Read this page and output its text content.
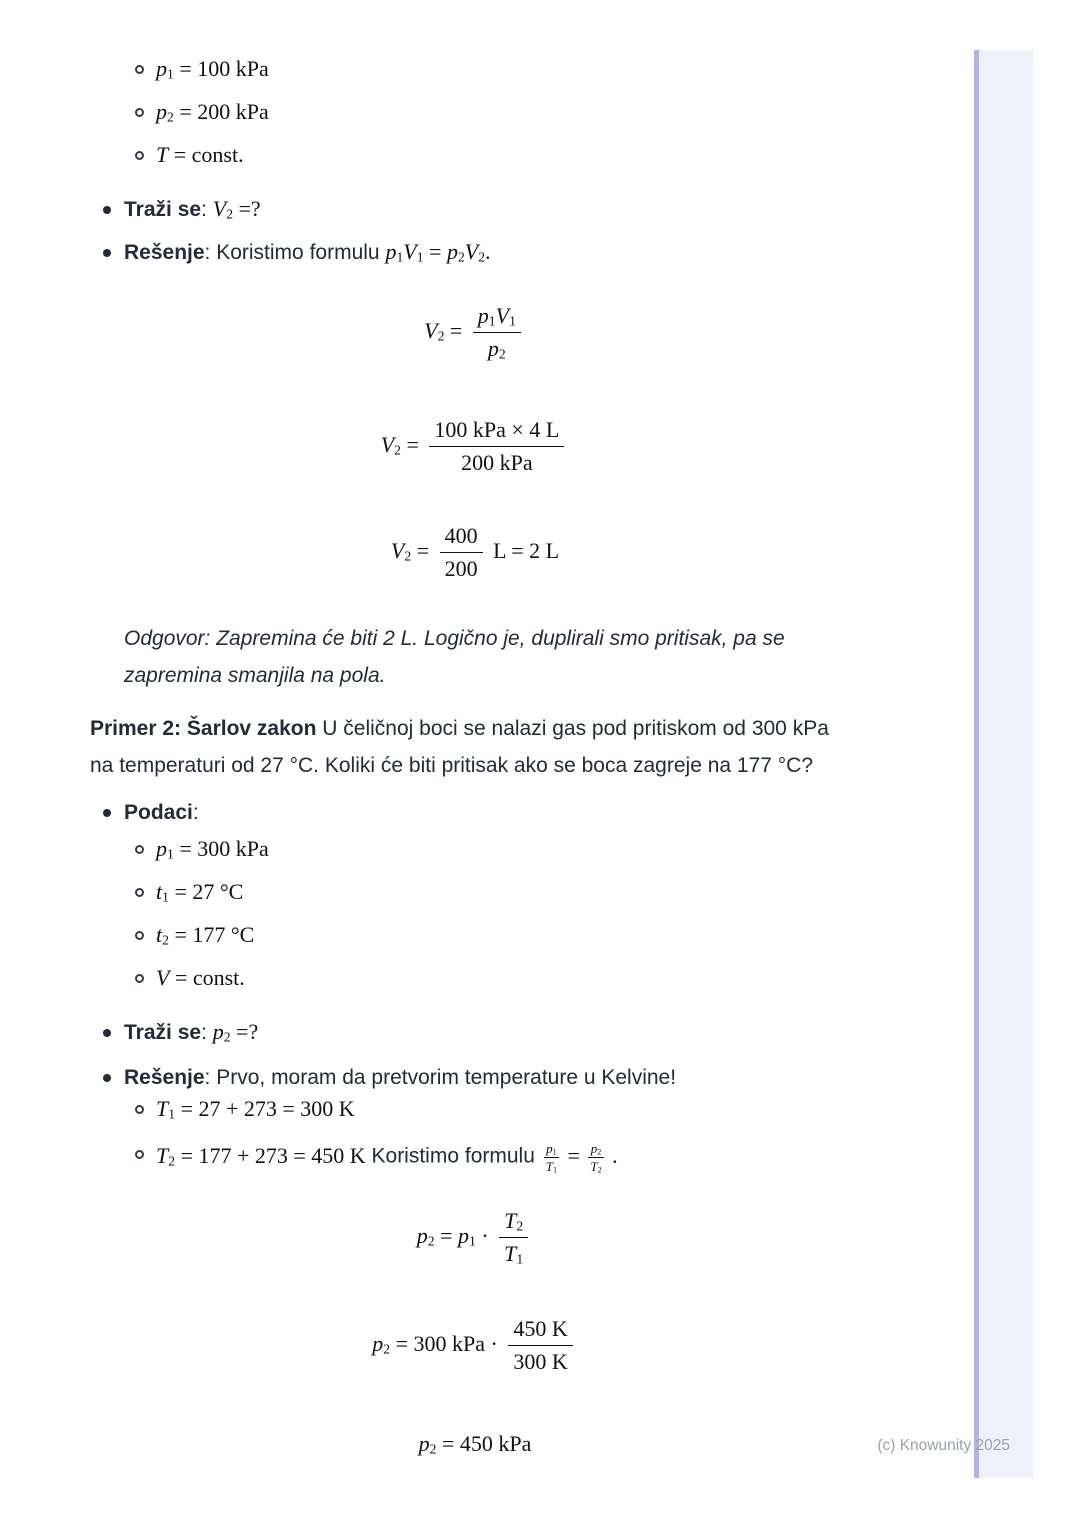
$p_1 = 100$ kPa
$p_2 = 200$ kPa
T = const.
Traži se: $V_2$ =?
Rešenje: Koristimo formulu $p_1V_1 = p_2V_2$.
$V_2 = \frac{p_1V_1}{p_2}$
$V_2 = \frac{\text{100 kPa × 4 L}}{\text{200 kPa}}$
$V_2 = \frac{400}{200}$ L = 2 L
Odgovor: Zapremina će biti 2 L. Logično je, duplirali smo pritisak, pa se
zapremina smanjila na pola.
Primer 2: Šarlov zakon U čeličnoj boci se nalazi gas pod pritiskom od 300 kPa
na temperaturi od 27 °C. Koliki će biti pritisak ako se boca zagreje na 177 °C?
Podaci:
$p_1 = 300$ kPa
$t_1 = 27$ °C
$t_2 = 177$ °C
V = const.
Traži se: $p_2$ =?
Rešenje: Prvo, moram da pretvorim temperature u Kelvine!
$T_1 = 27 + 273 = 300$ K
$T_2 = 177 + 273 = 450$ K Koristimo formulu $\frac{p_1}{T_1} = \frac{p_2}{T_2}$ .
$p_2 = p_1 \cdot \frac{T_2}{T_1}$
$p_2 = 300$ kPa · $\frac{450 K}{300 K}$
$p_2 = 450$ kPa	(c) Knowunity 2025
